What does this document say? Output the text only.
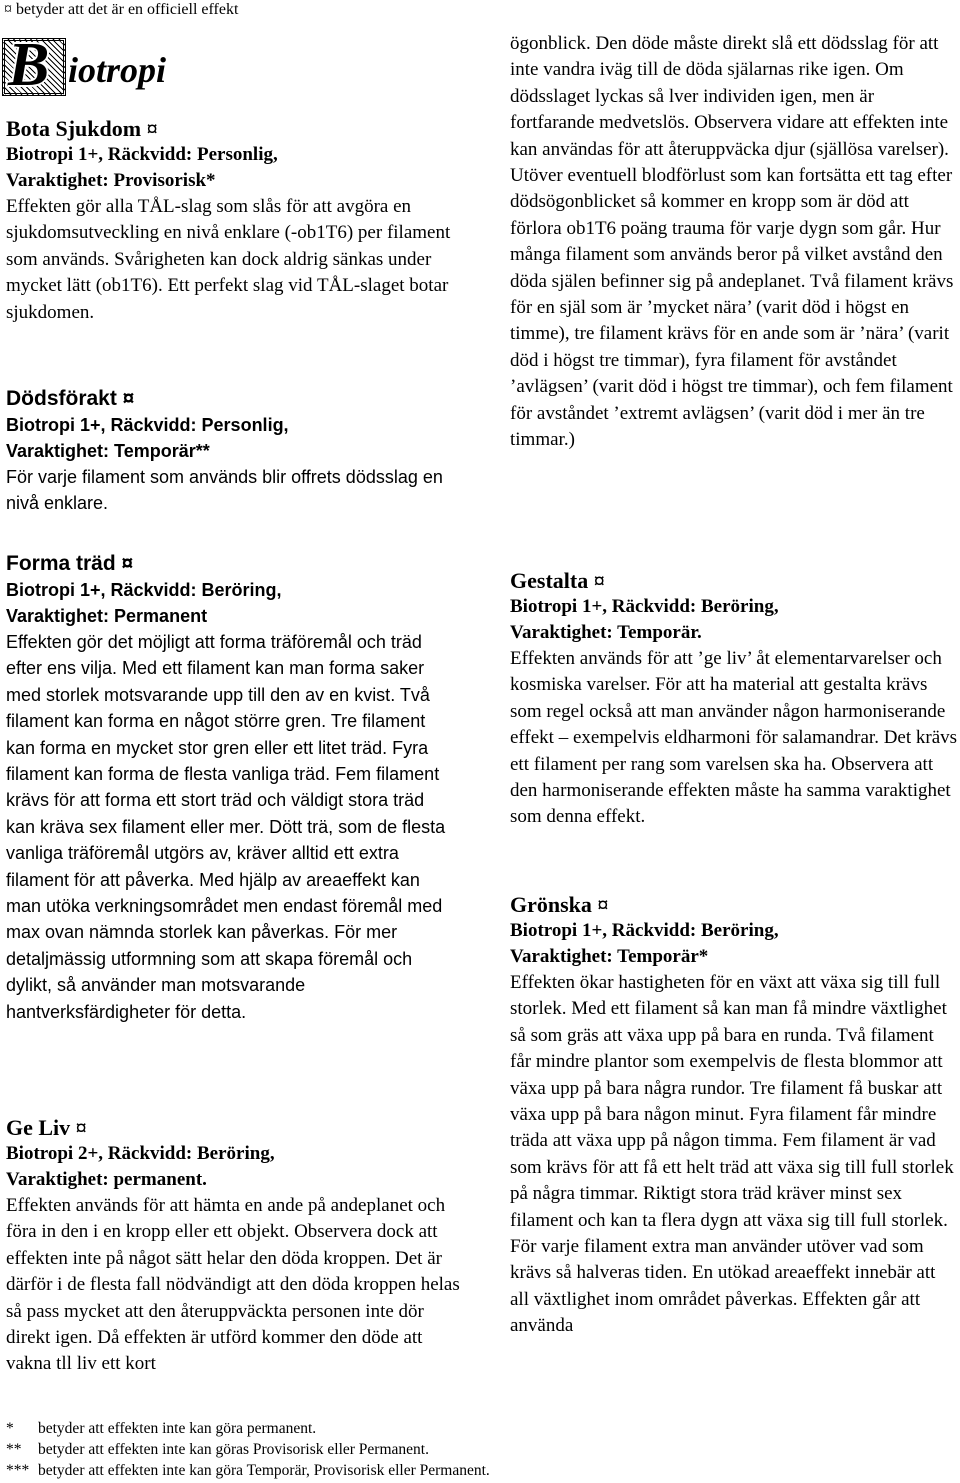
¤ betyder att det är en officiell effekt
B iotropi
Bota Sjukdom ¤
Biotropi 1+, Räckvidd: Personlig,
Varaktighet: Provisorisk*

Effekten gör alla TÅL-slag som slås för att avgöra en sjukdomsutveckling en nivå enklare (-ob1T6) per filament som används. Svårigheten kan dock aldrig sänkas under mycket lätt (ob1T6). Ett perfekt slag vid TÅL-slaget botar sjukdomen.

Dödsförakt ¤
Biotropi 1+, Räckvidd: Personlig,
Varaktighet: Temporär**

För varje filament som används blir offrets dödsslag en nivå enklare.

Forma träd ¤
Biotropi 1+, Räckvidd: Beröring,
Varaktighet: Permanent

Effekten gör det möjligt att forma träföremål och träd efter ens vilja. Med ett filament kan man forma saker med storlek motsvarande upp till den av en kvist. Två filament kan forma en något större gren. Tre filament kan forma en mycket stor gren eller ett litet träd. Fyra filament kan forma de flesta vanliga träd. Fem filament krävs för att forma ett stort träd och väldigt stora träd kan kräva sex filament eller mer. Dött trä, som de flesta vanliga träföremål utgörs av, kräver alltid ett extra filament för att påverka. Med hjälp av areaeffekt kan man utöka verkningsområdet men endast föremål med max ovan nämnda storlek kan påverkas. För mer detaljmässig utformning som att skapa föremål och dylikt, så använder man motsvarande hantverksfärdigheter för detta.

Ge Liv ¤
Biotropi 2+, Räckvidd: Beröring,
Varaktighet: permanent.

Effekten används för att hämta en ande på andeplanet och föra in den i en kropp eller ett objekt. Observera dock att effekten inte på något sätt helar den döda kroppen. Det är därför i de flesta fall nödvändigt att den döda kroppen helas så pass mycket att den återuppväckta personen inte dör direkt igen. Då effekten är utförd kommer den döde att vakna tll liv ett kort

ögonblick. Den döde måste direkt slå ett dödsslag för att inte vandra iväg till de döda själarnas rike igen. Om dödsslaget lyckas så lver individen igen, men är fortfarande medvetslös. Observera vidare att effekten inte kan användas för att återuppväcka djur (själlösa varelser). Utöver eventuell blodförlust som kan fortsätta ett tag efter dödsögonblicket så kommer en kropp som är död att förlora ob1T6 poäng trauma för varje dygn som går. Hur många filament som används beror på vilket avstånd den döda själen befinner sig på andeplanet. Två filament krävs för en själ som är ’mycket nära’ (varit död i högst en timme), tre filament krävs för en ande som är ’nära’ (varit död i högst tre timmar), fyra filament för avståndet ’avlägsen’ (varit död i högst tre timmar), och fem filament för avståndet ’extremt avlägsen’ (varit död i mer än tre timmar.)

Gestalta ¤
Biotropi 1+, Räckvidd: Beröring,
Varaktighet: Temporär.

Effekten används för att ’ge liv’ åt elementarvarelser och kosmiska varelser. För att ha material att gestalta krävs som regel också att man använder någon harmoniserande effekt – exempelvis eldharmoni för salamandrar. Det krävs ett filament per rang som varelsen ska ha. Observera att den harmoniserande effekten måste ha samma varaktighet som denna effekt.

Grönska ¤
Biotropi 1+, Räckvidd: Beröring,
Varaktighet: Temporär*

Effekten ökar hastigheten för en växt att växa sig till full storlek. Med ett filament så kan man få mindre växtlighet så som gräs att växa upp på bara en runda. Två filament får mindre plantor som exempelvis de flesta blommor att växa upp på bara några rundor. Tre filament få buskar att växa upp på bara någon minut. Fyra filament får mindre träda att växa upp på någon timma. Fem filament är vad som krävs för att få ett helt träd att växa sig till full storlek på några timmar. Riktigt stora träd kräver minst sex filament och kan ta flera dygn att växa sig till full storlek. För varje filament extra man använder utöver vad som krävs så halveras tiden. En utökad areaeffekt innebär att all växtlighet inom området påverkas. Effekten går att använda

* betyder att effekten inte kan göra permanent.
** betyder att effekten inte kan göras Provisorisk eller Permanent.
*** betyder att effekten inte kan göra Temporär, Provisorisk eller Permanent.
